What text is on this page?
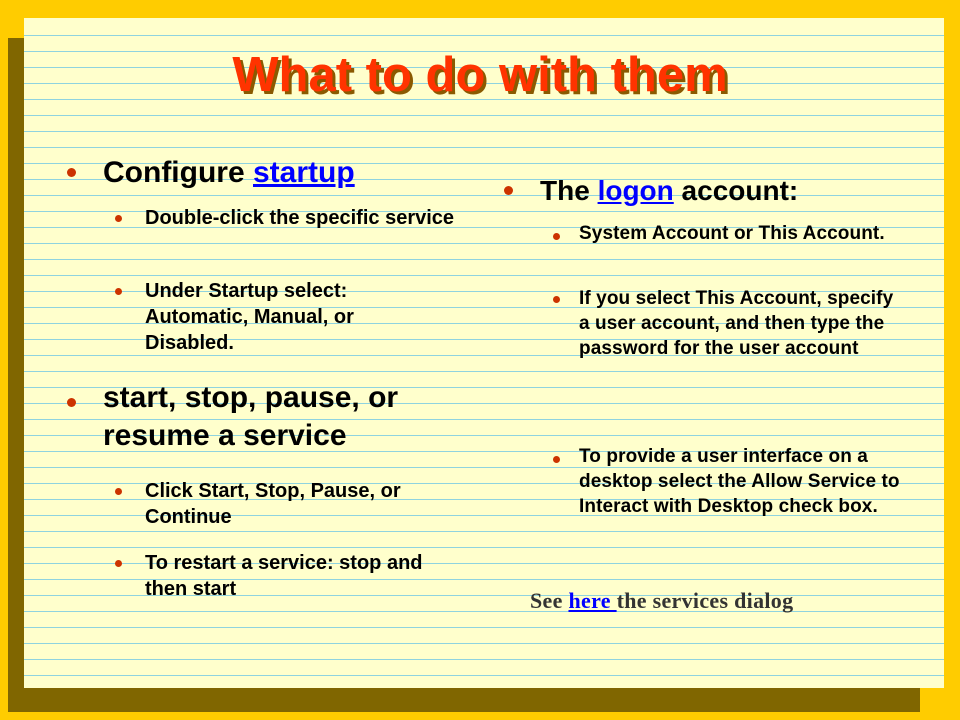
What to do with them

Configure startup

Double-click the specific service

Under Startup select: Automatic, Manual, or Disabled.

start, stop, pause, or resume a service

Click Start, Stop, Pause, or Continue

To restart a service: stop and then start

The logon account:

System Account or This Account.

If you select This Account, specify a user account, and then type the password for the user account

To provide a user interface on a desktop select the Allow Service to Interact with Desktop check box.

See here the services dialog
